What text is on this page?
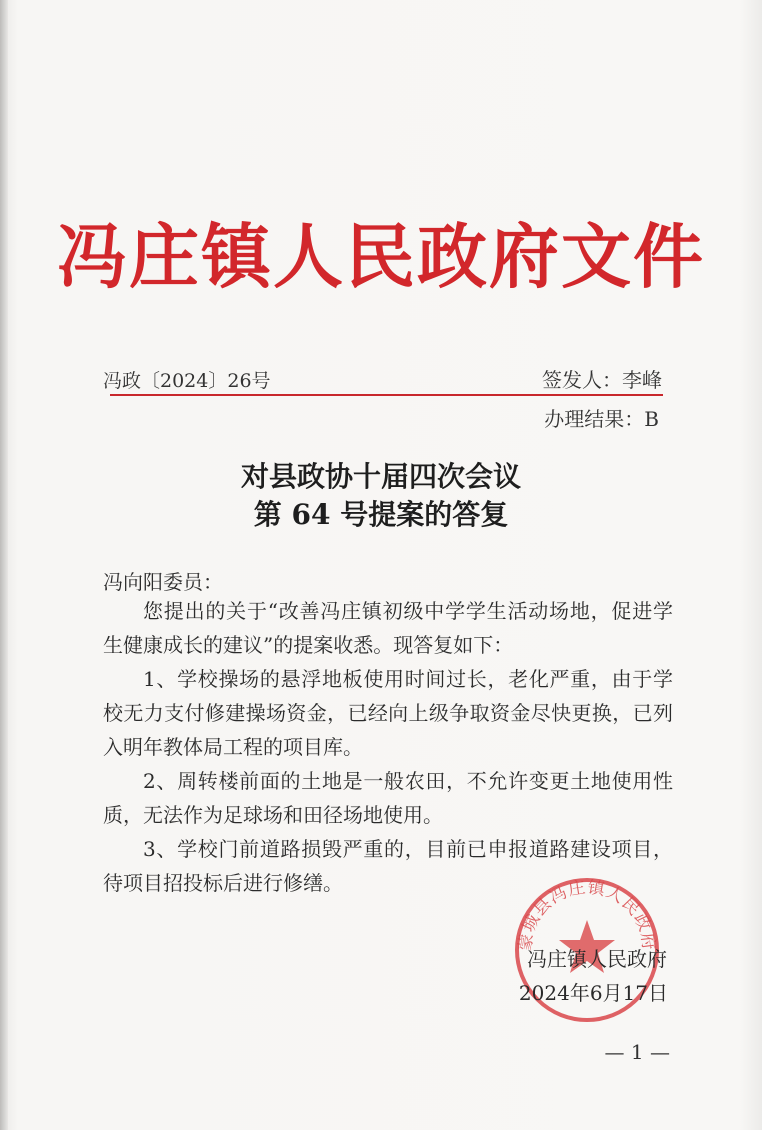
冯庄镇人民政府文件
冯政〔2024〕26号	签发人：李峰
办理结果：B
对县政协十届四次会议
第 64 号提案的答复
冯向阳委员：

您提出的关于“改善冯庄镇初级中学学生活动场地，促进学生健康成长的建议”的提案收悉。现答复如下：

1、学校操场的悬浮地板使用时间过长，老化严重，由于学校无力支付修建操场资金，已经向上级争取资金尽快更换，已列入明年教体局工程的项目库。

2、周转楼前面的土地是一般农田，不允许变更土地使用性质，无法作为足球场和田径场地使用。

3、学校门前道路损毁严重的，目前已申报道路建设项目，待项目招投标后进行修缮。

蒙城县冯庄镇人民政府
冯庄镇人民政府
2024年6月17日
— 1 —
